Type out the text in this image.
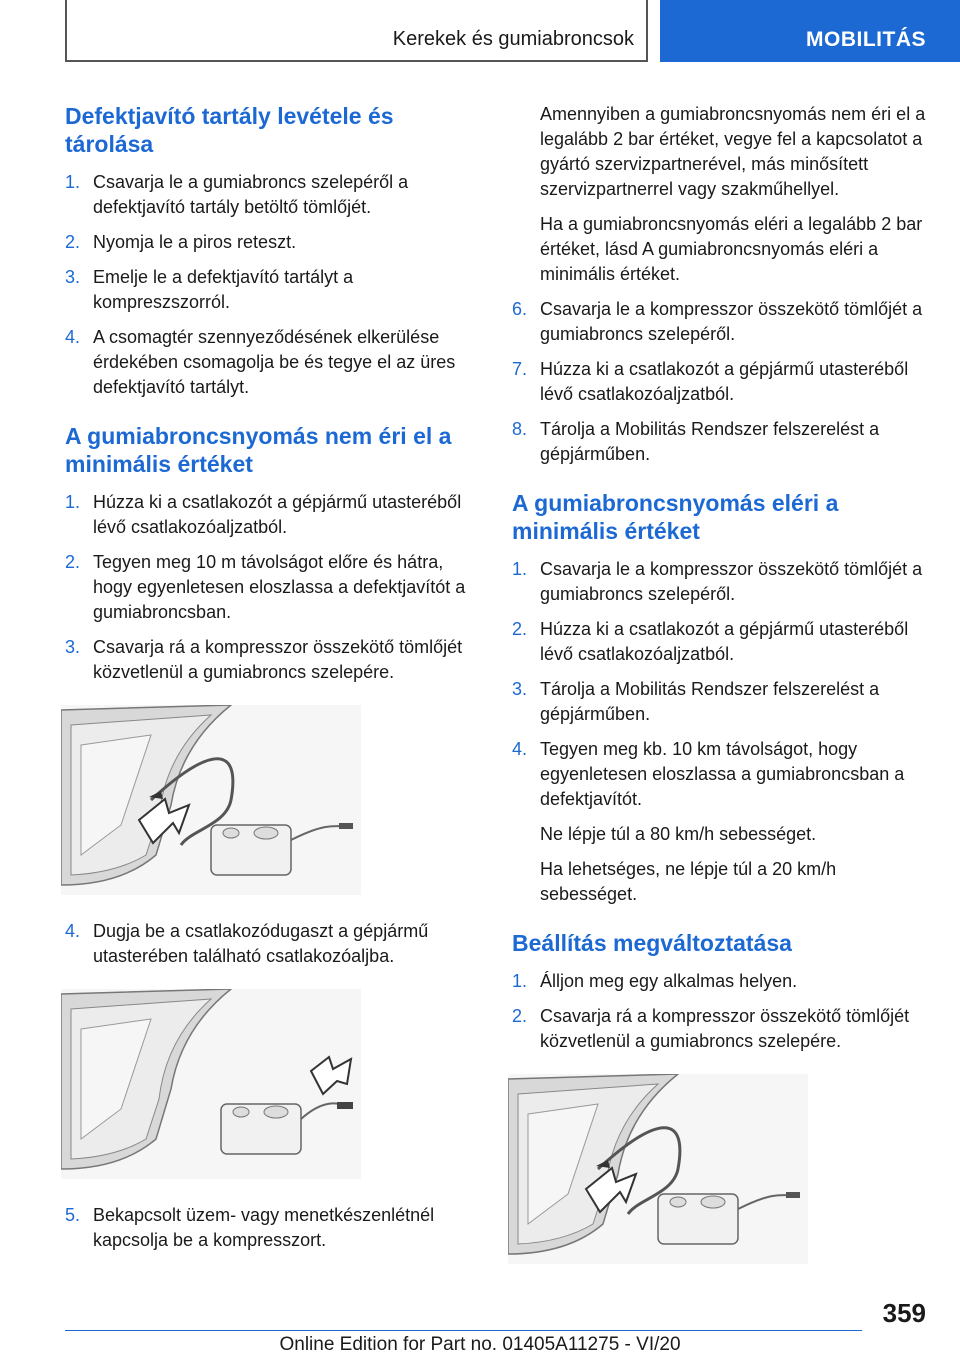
Kerekek és gumiabroncsok	MOBILITÁS
Defektjavító tartály levétele és tárolása
1. Csavarja le a gumiabroncs szelepéről a defektjavító tartály betöltő tömlőjét.
2. Nyomja le a piros reteszt.
3. Emelje le a defektjavító tartályt a kompreszszorról.
4. A csomagtér szennyeződésének elkerülése érdekében csomagolja be és tegye el az üres defektjavító tartályt.
A gumiabroncsnyomás nem éri el a minimális értéket
1. Húzza ki a csatlakozót a gépjármű utasteréből lévő csatlakozóaljzatból.
2. Tegyen meg 10 m távolságot előre és hátra, hogy egyenletesen eloszlassa a defektjavítót a gumiabroncsban.
3. Csavarja rá a kompresszor összekötő tömlőjét közvetlenül a gumiabroncs szelepére.
4. Dugja be a csatlakozódugaszt a gépjármű utasterében található csatlakozóaljba.
5. Bekapcsolt üzem- vagy menetkészenlétnél kapcsolja be a kompresszort.
Amennyiben a gumiabroncsnyomás nem éri el a legalább 2 bar értéket, vegye fel a kapcsolatot a gyártó szervizpartnerével, más minősített szervizpartnerrel vagy szakműhellyel.
Ha a gumiabroncsnyomás eléri a legalább 2 bar értéket, lásd A gumiabroncsnyomás eléri a minimális értéket.
6. Csavarja le a kompresszor összekötő tömlőjét a gumiabroncs szelepéről.
7. Húzza ki a csatlakozót a gépjármű utasteréből lévő csatlakozóaljzatból.
8. Tárolja a Mobilitás Rendszer felszerelést a gépjárműben.
A gumiabroncsnyomás eléri a minimális értéket
1. Csavarja le a kompresszor összekötő tömlőjét a gumiabroncs szelepéről.
2. Húzza ki a csatlakozót a gépjármű utasteréből lévő csatlakozóaljzatból.
3. Tárolja a Mobilitás Rendszer felszerelést a gépjárműben.
4. Tegyen meg kb. 10 km távolságot, hogy egyenletesen eloszlassa a gumiabroncsban a defektjavítót.
Ne lépje túl a 80 km/h sebességet.
Ha lehetséges, ne lépje túl a 20 km/h sebességet.
Beállítás megváltoztatása
1. Álljon meg egy alkalmas helyen.
2. Csavarja rá a kompresszor összekötő tömlőjét közvetlenül a gumiabroncs szelepére.
359
Online Edition for Part no. 01405A11275 - VI/20
